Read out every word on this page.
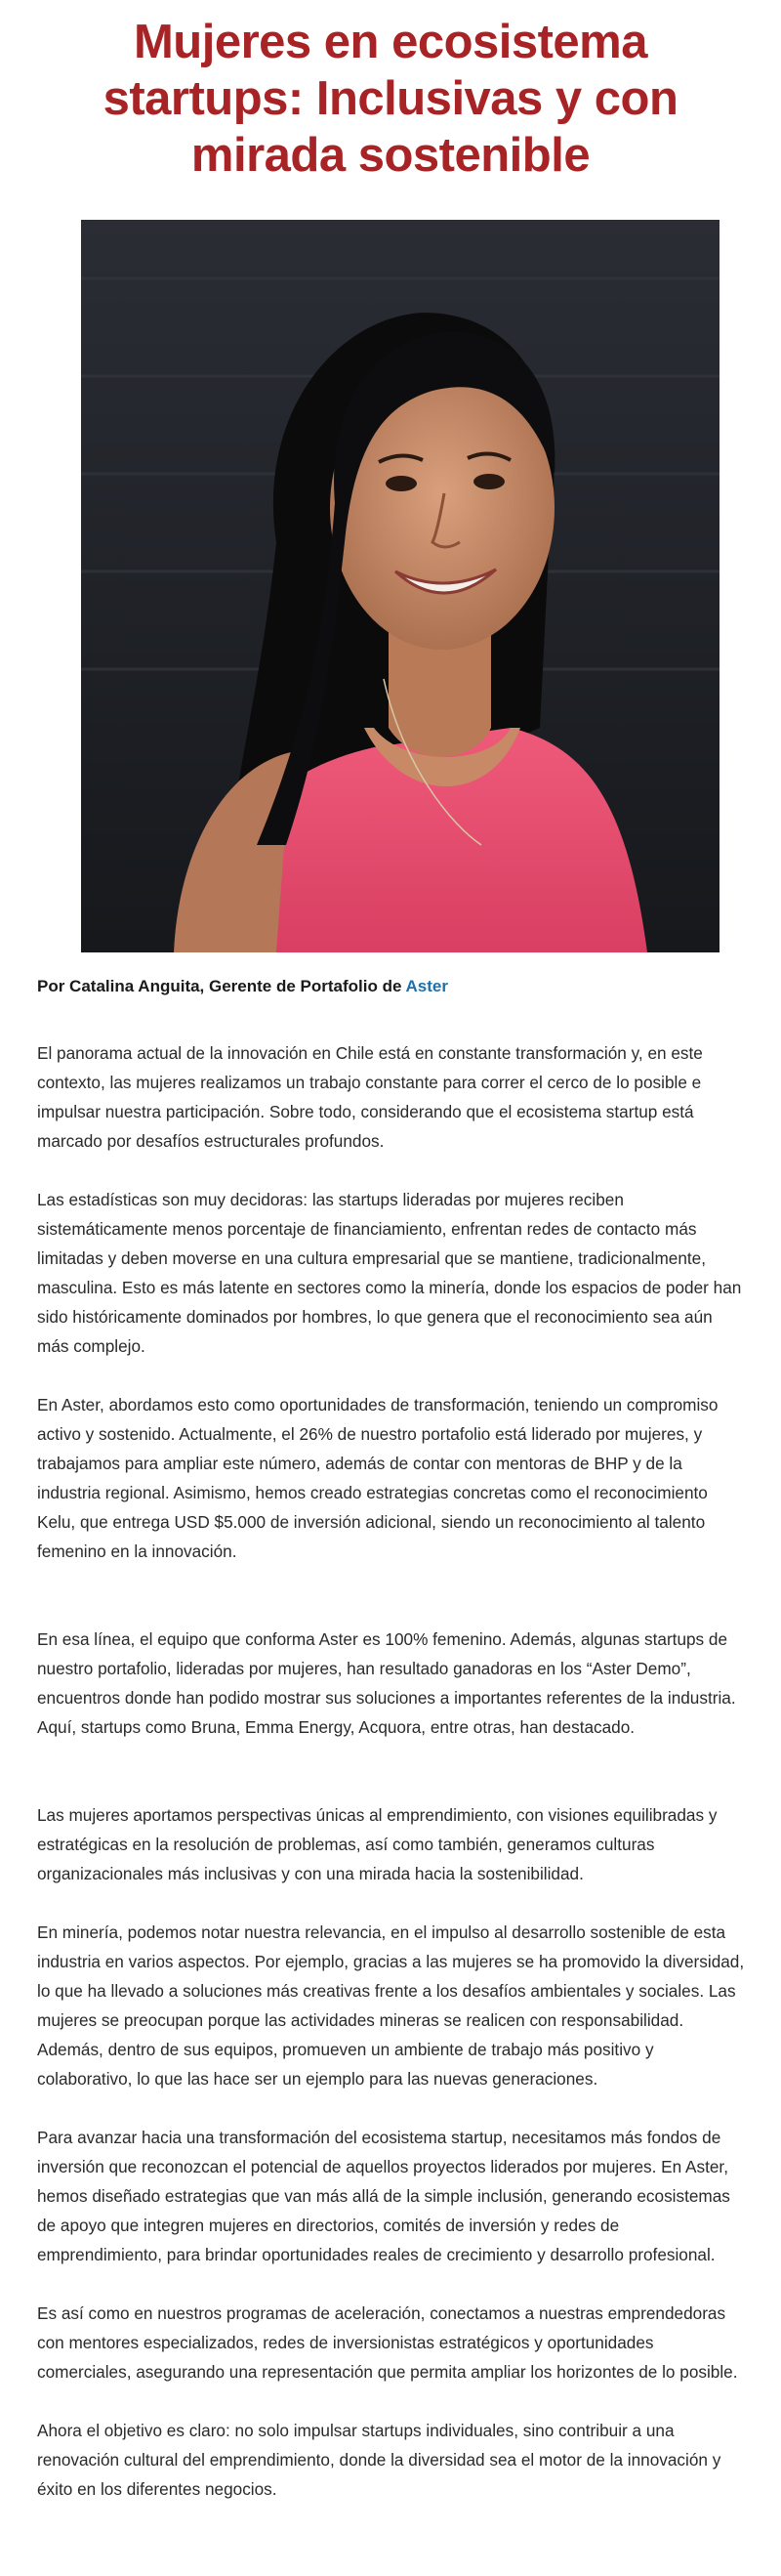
Mujeres en ecosistema startups: Inclusivas y con mirada sostenible

Por Catalina Anguita, Gerente de Portafolio de Aster

El panorama actual de la innovación en Chile está en constante transformación y, en este contexto, las mujeres realizamos un trabajo constante para correr el cerco de lo posible e impulsar nuestra participación. Sobre todo, considerando que el ecosistema startup está marcado por desafíos estructurales profundos.

Las estadísticas son muy decidoras: las startups lideradas por mujeres reciben sistemáticamente menos porcentaje de financiamiento, enfrentan redes de contacto más limitadas y deben moverse en una cultura empresarial que se mantiene, tradicionalmente, masculina. Esto es más latente en sectores como la minería, donde los espacios de poder han sido históricamente dominados por hombres, lo que genera que el reconocimiento sea aún más complejo.

En Aster, abordamos esto como oportunidades de transformación, teniendo un compromiso activo y sostenido. Actualmente, el 26% de nuestro portafolio está liderado por mujeres, y trabajamos para ampliar este número, además de contar con mentoras de BHP y de la industria regional. Asimismo, hemos creado estrategias concretas como el reconocimiento Kelu, que entrega USD $5.000 de inversión adicional, siendo un reconocimiento al talento femenino en la innovación.

En esa línea, el equipo que conforma Aster es 100% femenino. Además, algunas startups de nuestro portafolio, lideradas por mujeres, han resultado ganadoras en los “Aster Demo”, encuentros donde han podido mostrar sus soluciones a importantes referentes de la industria. Aquí, startups como Bruna, Emma Energy, Acquora, entre otras, han destacado.

Las mujeres aportamos perspectivas únicas al emprendimiento, con visiones equilibradas y estratégicas en la resolución de problemas, así como también, generamos culturas organizacionales más inclusivas y con una mirada hacia la sostenibilidad.

En minería, podemos notar nuestra relevancia, en el impulso al desarrollo sostenible de esta industria en varios aspectos. Por ejemplo, gracias a las mujeres se ha promovido la diversidad, lo que ha llevado a soluciones más creativas frente a los desafíos ambientales y sociales. Las mujeres se preocupan porque las actividades mineras se realicen con responsabilidad. Además, dentro de sus equipos, promueven un ambiente de trabajo más positivo y colaborativo, lo que las hace ser un ejemplo para las nuevas generaciones.

Para avanzar hacia una transformación del ecosistema startup, necesitamos más fondos de inversión que reconozcan el potencial de aquellos proyectos liderados por mujeres. En Aster, hemos diseñado estrategias que van más allá de la simple inclusión, generando ecosistemas de apoyo que integren mujeres en directorios, comités de inversión y redes de emprendimiento, para brindar oportunidades reales de crecimiento y desarrollo profesional.

Es así como en nuestros programas de aceleración, conectamos a nuestras emprendedoras con mentores especializados, redes de inversionistas estratégicos y oportunidades comerciales, asegurando una representación que permita ampliar los horizontes de lo posible.

Ahora el objetivo es claro: no solo impulsar startups individuales, sino contribuir a una renovación cultural del emprendimiento, donde la diversidad sea el motor de la innovación y éxito en los diferentes negocios.
